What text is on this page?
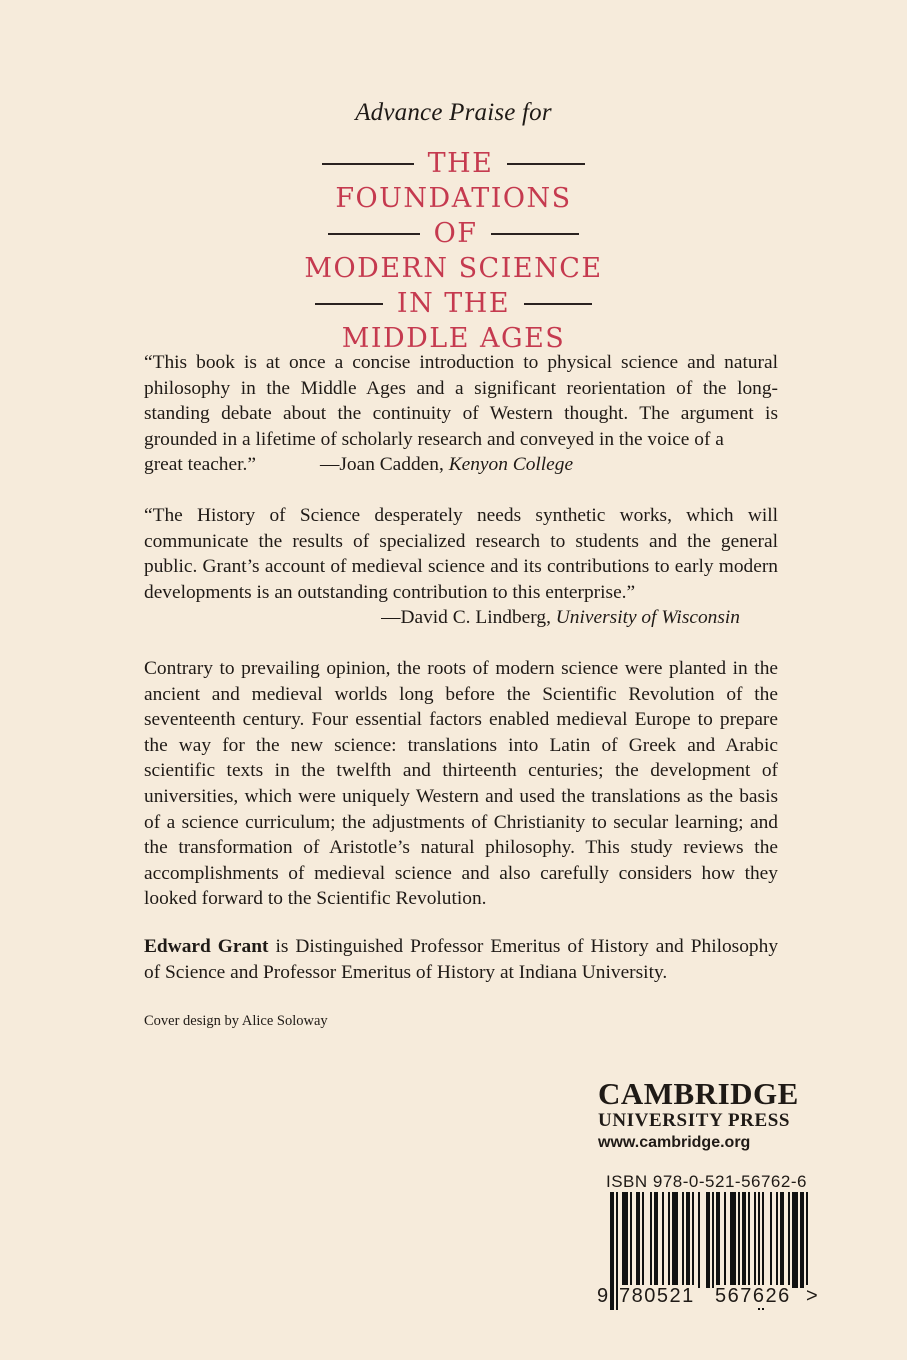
Advance Praise for
THE
FOUNDATIONS
OF
MODERN SCIENCE
IN THE
MIDDLE AGES

“This book is at once a concise introduction to physical science and natural philosophy in the Middle Ages and a significant reorientation of the long-standing debate about the continuity of Western thought. The argument is grounded in a lifetime of scholarly research and conveyed in the voice of a

great teacher.”	—Joan Cadden, Kenyon College

“The History of Science desperately needs synthetic works, which will communicate the results of specialized research to students and the general public. Grant’s account of medieval science and its contributions to early modern developments is an outstanding contribution to this enterprise.”

—David C. Lindberg, University of Wisconsin

Contrary to prevailing opinion, the roots of modern science were planted in the ancient and medieval worlds long before the Scientific Revolution of the seventeenth century. Four essential factors enabled medieval Europe to prepare the way for the new science: translations into Latin of Greek and Arabic scientific texts in the twelfth and thirteenth centuries; the development of universities, which were uniquely Western and used the translations as the basis of a science curriculum; the adjustments of Christianity to secular learning; and the transformation of Aristotle’s natural philosophy. This study reviews the accomplishments of medieval science and also carefully considers how they looked forward to the Scientific Revolution.

Edward Grant is Distinguished Professor Emeritus of History and Philosophy of Science and Professor Emeritus of History at Indiana University.

Cover design by Alice Soloway
CAMBRIDGE
UNIVERSITY PRESS
www.cambridge.org
ISBN 978-0-521-56762-6
9 780521 567626 >
